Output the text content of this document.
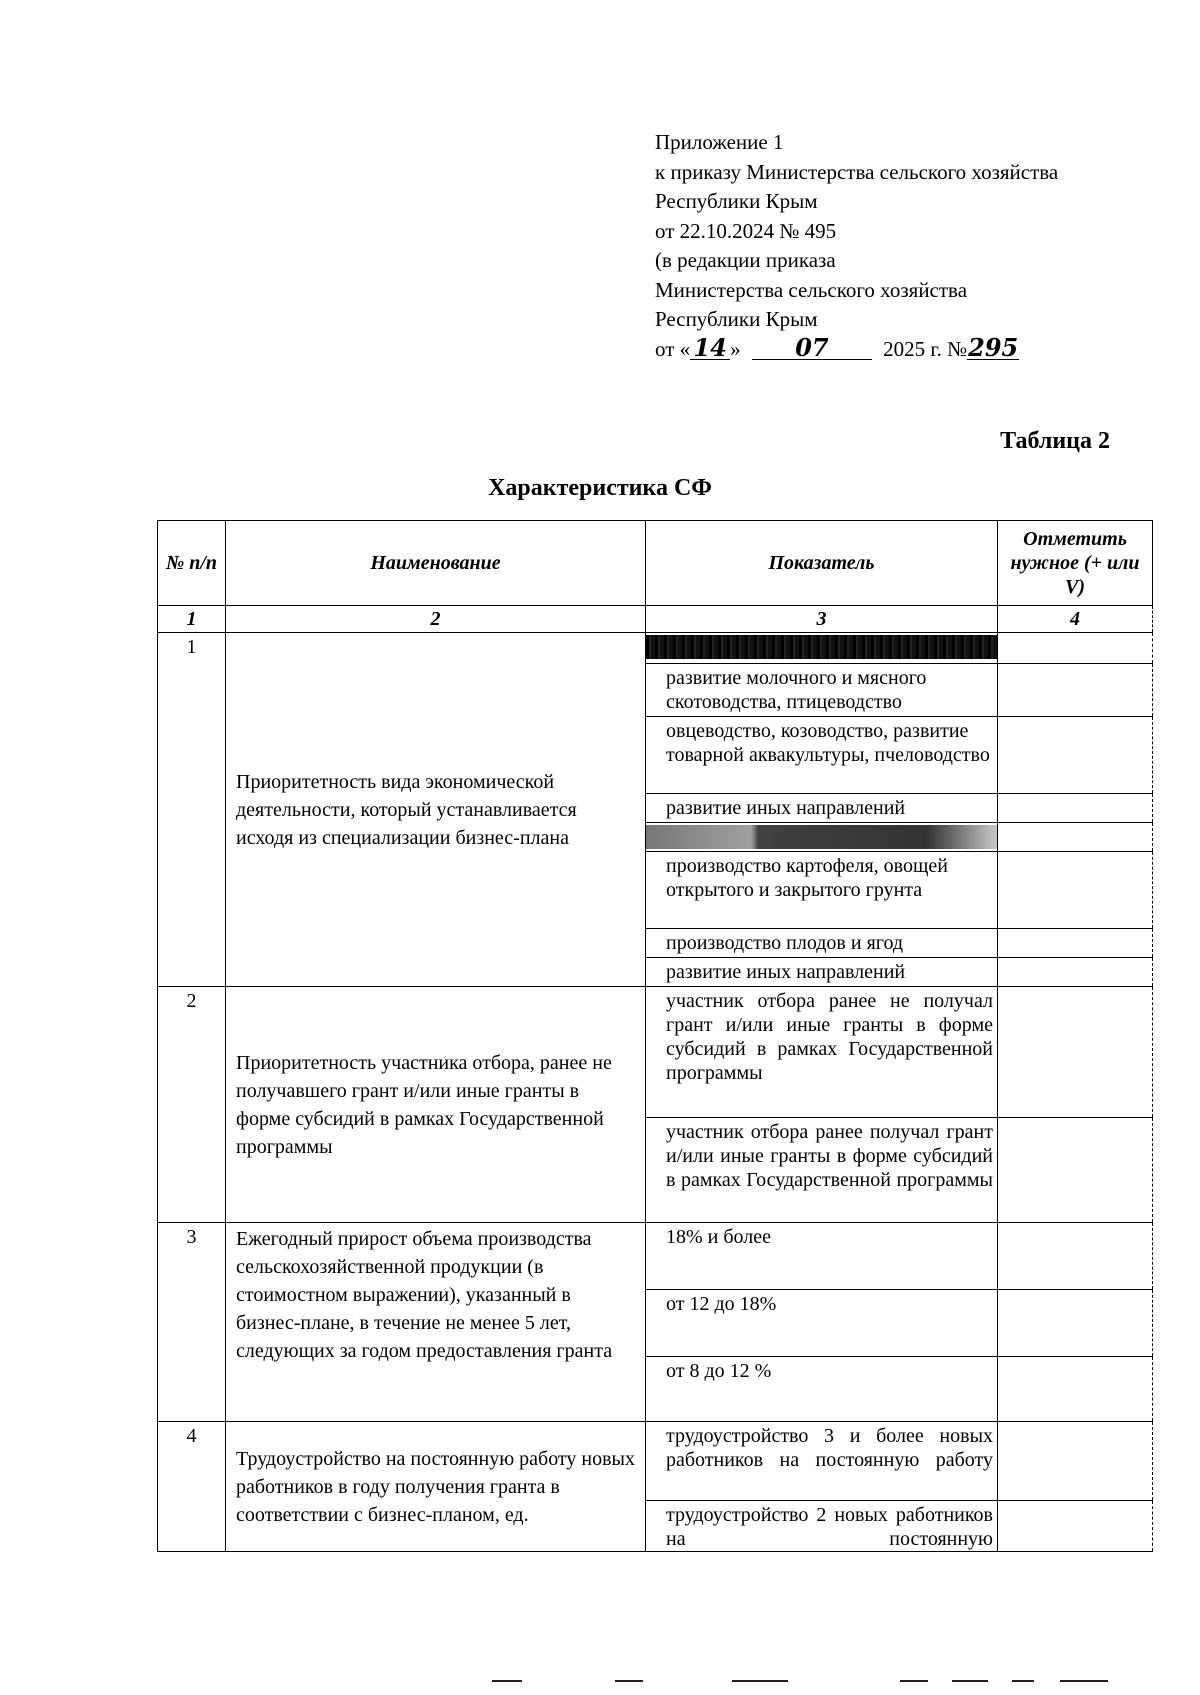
Приложение 1
к приказу Министерства сельского хозяйства
Республики Крым
от 22.10.2024 № 495
(в редакции приказа
Министерства сельского хозяйства
Республики Крым
от « 14 » 07	2025 г. №295
Таблица 2
Характеристика СФ
№ п/п	Наименование	Показатель	Отметить нужное (+ или V)
1	2	3	4
1	Приоритетность вида экономической деятельности, который устанавливается исходя из специализации бизнес-плана	

		развитие молочного и мясного скотоводства, птицеводство	
		овцеводство, козоводство, развитие товарной аквакультуры, пчеловодство	
		развитие иных направлений	

		производство картофеля, овощей открытого и закрытого грунта	
		производство плодов и ягод	
		развитие иных направлений	
2	Приоритетность участника отбора, ранее не получавшего грант и/или иные гранты в форме субсидий в рамках Государственной программы	участник отбора ранее не получал грант и/или иные гранты в форме субсидий в рамках Государственной программы	
		участник отбора ранее получал грант и/или иные гранты в форме субсидий в рамках Государственной программы	
3	Ежегодный прирост объема производства сельскохозяйственной продукции (в стоимостном выражении), указанный в бизнес-плане, в течение не менее 5 лет, следующих за годом предоставления гранта	18% и более	
		от 12 до 18%	
		от 8 до 12 %	
4	Трудоустройство на постоянную работу новых работников в году получения гранта в соответствии с бизнес-планом, ед.	трудоустройство 3 и более новых работников на постоянную работу	
		трудоустройство 2 новых работников на постоянную	
